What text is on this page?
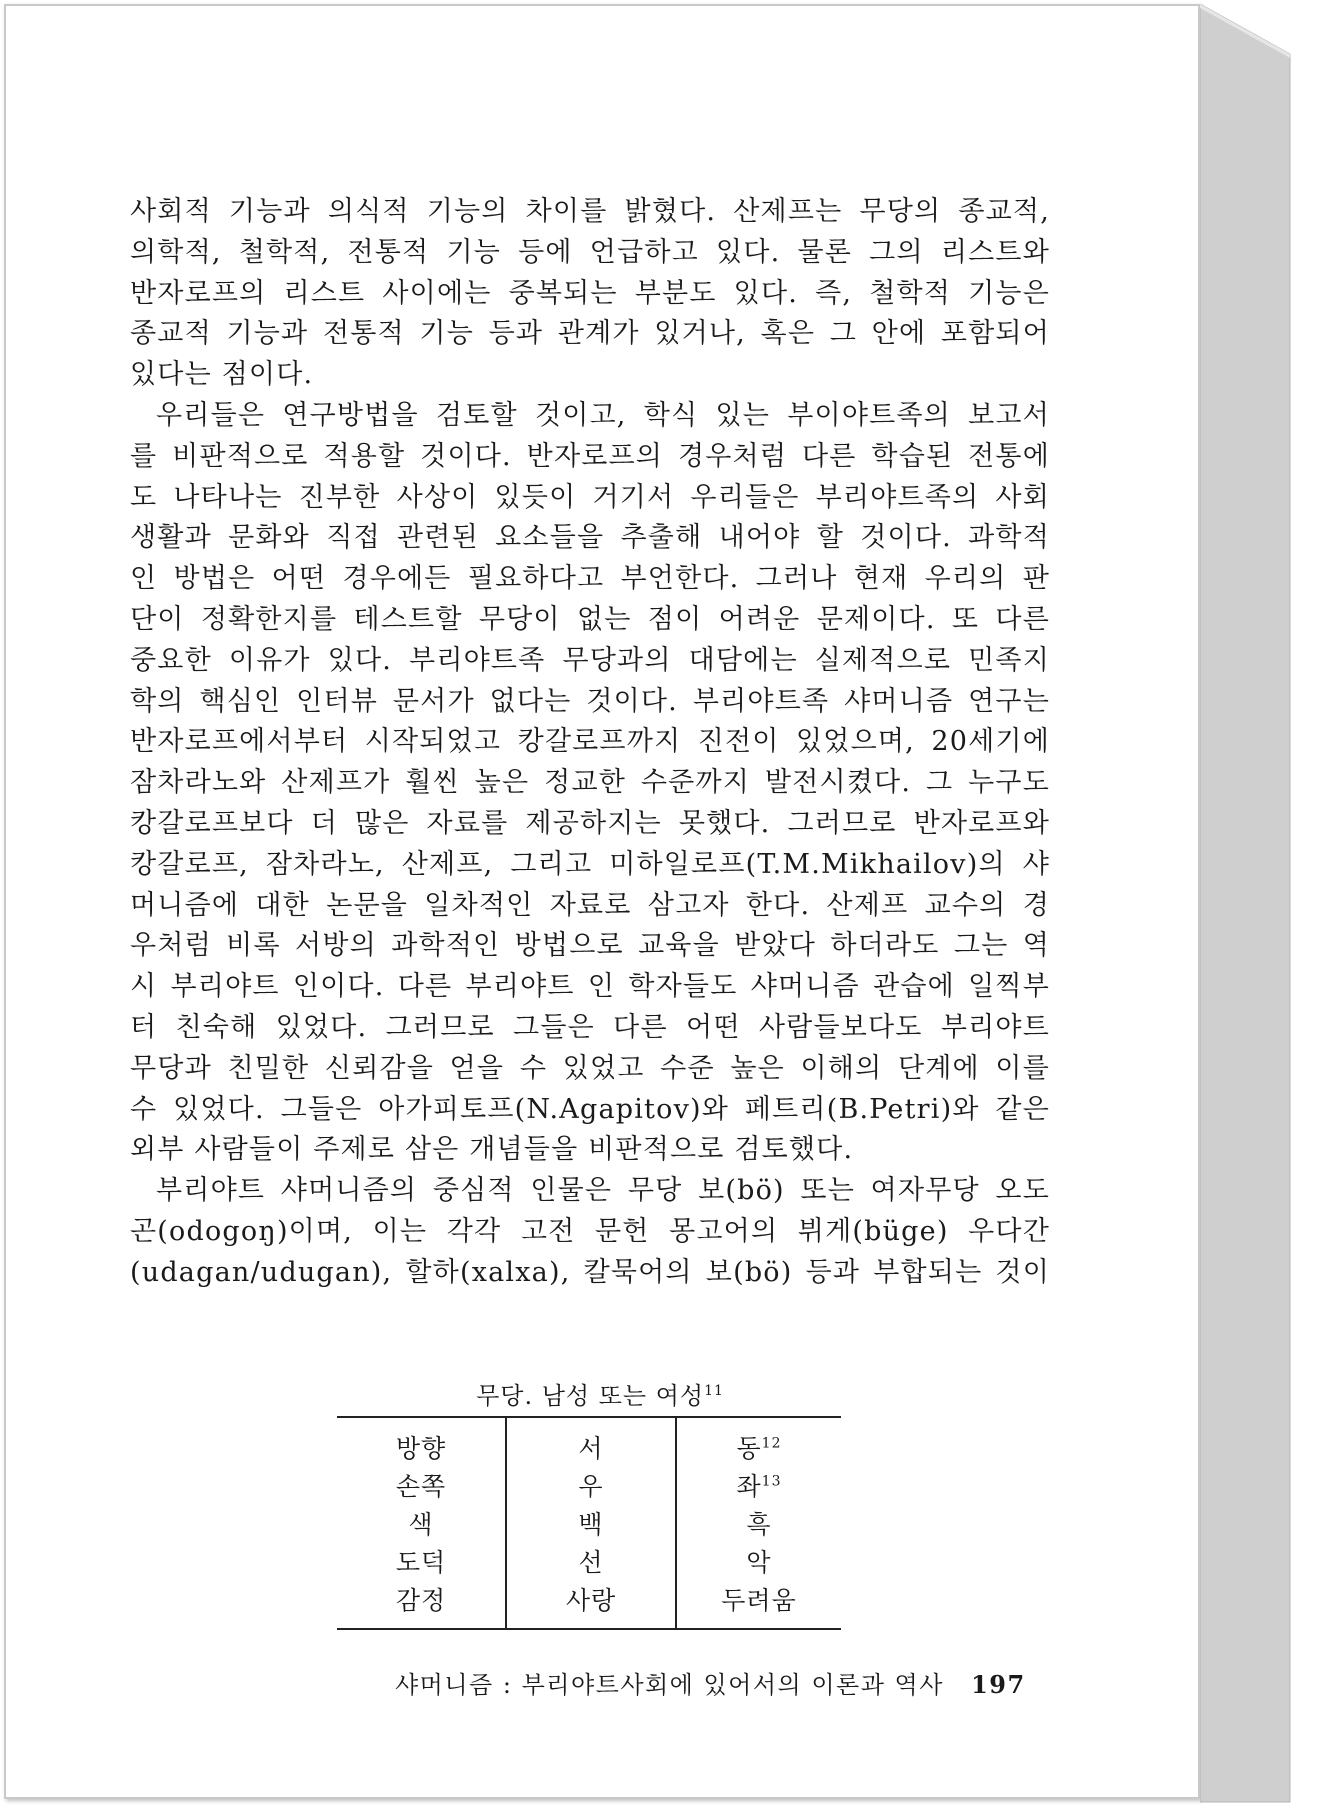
사회적 기능과 의식적 기능의 차이를 밝혔다. 산제프는 무당의 종교적,

의학적, 철학적, 전통적 기능 등에 언급하고 있다. 물론 그의 리스트와

반자로프의 리스트 사이에는 중복되는 부분도 있다. 즉, 철학적 기능은

종교적 기능과 전통적 기능 등과 관계가 있거나, 혹은 그 안에 포함되어

있다는 점이다.

우리들은 연구방법을 검토할 것이고, 학식 있는 부이야트족의 보고서

를 비판적으로 적용할 것이다. 반자로프의 경우처럼 다른 학습된 전통에

도 나타나는 진부한 사상이 있듯이 거기서 우리들은 부리야트족의 사회

생활과 문화와 직접 관련된 요소들을 추출해 내어야 할 것이다. 과학적

인 방법은 어떤 경우에든 필요하다고 부언한다. 그러나 현재 우리의 판

단이 정확한지를 테스트할 무당이 없는 점이 어려운 문제이다. 또 다른

중요한 이유가 있다. 부리야트족 무당과의 대담에는 실제적으로 민족지

학의 핵심인 인터뷰 문서가 없다는 것이다. 부리야트족 샤머니즘 연구는

반자로프에서부터 시작되었고 캉갈로프까지 진전이 있었으며, 20세기에

잠차라노와 산제프가 훨씬 높은 정교한 수준까지 발전시켰다. 그 누구도

캉갈로프보다 더 많은 자료를 제공하지는 못했다. 그러므로 반자로프와

캉갈로프, 잠차라노, 산제프, 그리고 미하일로프(T.M.Mikhailov)의 샤

머니즘에 대한 논문을 일차적인 자료로 삼고자 한다. 산제프 교수의 경

우처럼 비록 서방의 과학적인 방법으로 교육을 받았다 하더라도 그는 역

시 부리야트 인이다. 다른 부리야트 인 학자들도 샤머니즘 관습에 일찍부

터 친숙해 있었다. 그러므로 그들은 다른 어떤 사람들보다도 부리야트

무당과 친밀한 신뢰감을 얻을 수 있었고 수준 높은 이해의 단계에 이를

수 있었다. 그들은 아가피토프(N.Agapitov)와 페트리(B.Petri)와 같은

외부 사람들이 주제로 삼은 개념들을 비판적으로 검토했다.

부리야트 샤머니즘의 중심적 인물은 무당 보(bö) 또는 여자무당 오도

곤(odogoŋ)이며, 이는 각각 고전 문헌 몽고어의 뷔게(büge) 우다간

(udagan/udugan), 할하(xalxa), 칼묵어의 보(bö) 등과 부합되는 것이

무당. 남성 또는 여성$^{11}$
방향	서	동$^{12}$
손쪽	우	좌$^{13}$
색	백	흑
도덕	선	악
감정	사랑	두려움
샤머니즘 : 부리야트사회에 있어서의 이론과 역사 197
